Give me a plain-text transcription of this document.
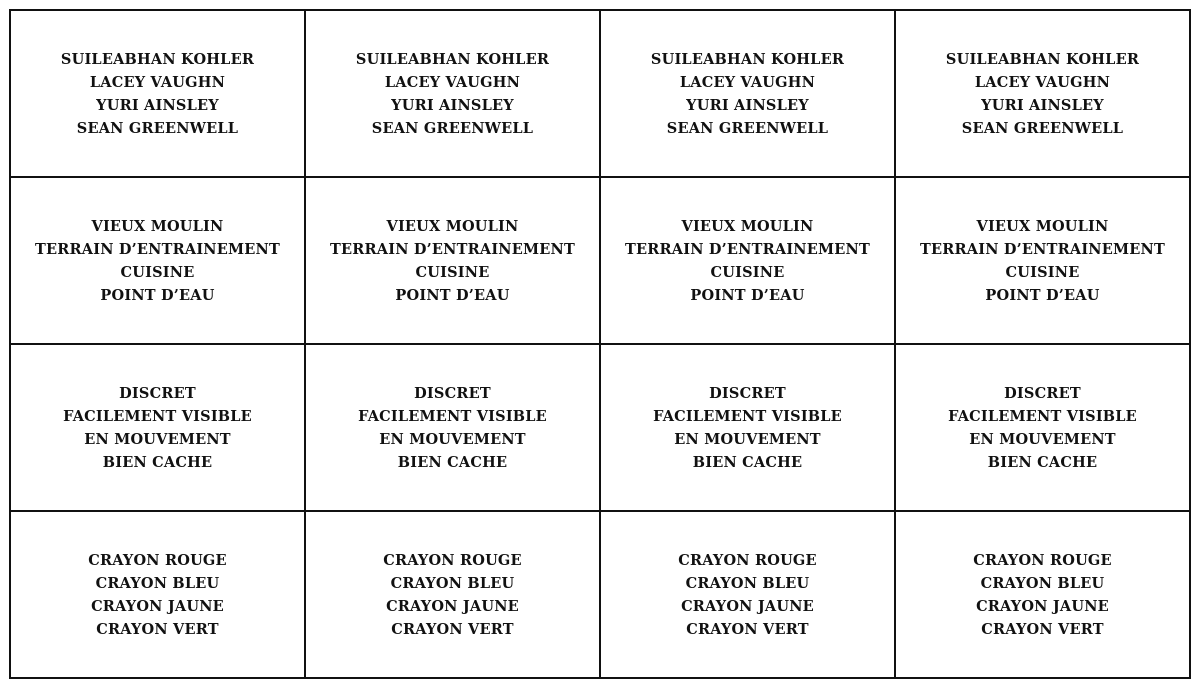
SUILEABHAN KOHLER
LACEY VAUGHN
YURI AINSLEY
SEAN GREENWELL
SUILEABHAN KOHLER
LACEY VAUGHN
YURI AINSLEY
SEAN GREENWELL
SUILEABHAN KOHLER
LACEY VAUGHN
YURI AINSLEY
SEAN GREENWELL
SUILEABHAN KOHLER
LACEY VAUGHN
YURI AINSLEY
SEAN GREENWELL
VIEUX MOULIN
TERRAIN D’ENTRAINEMENT
CUISINE
POINT D’EAU
VIEUX MOULIN
TERRAIN D’ENTRAINEMENT
CUISINE
POINT D’EAU
VIEUX MOULIN
TERRAIN D’ENTRAINEMENT
CUISINE
POINT D’EAU
VIEUX MOULIN
TERRAIN D’ENTRAINEMENT
CUISINE
POINT D’EAU
DISCRET
FACILEMENT VISIBLE
EN MOUVEMENT
BIEN CACHE
DISCRET
FACILEMENT VISIBLE
EN MOUVEMENT
BIEN CACHE
DISCRET
FACILEMENT VISIBLE
EN MOUVEMENT
BIEN CACHE
DISCRET
FACILEMENT VISIBLE
EN MOUVEMENT
BIEN CACHE
CRAYON ROUGE
CRAYON BLEU
CRAYON JAUNE
CRAYON VERT
CRAYON ROUGE
CRAYON BLEU
CRAYON JAUNE
CRAYON VERT
CRAYON ROUGE
CRAYON BLEU
CRAYON JAUNE
CRAYON VERT
CRAYON ROUGE
CRAYON BLEU
CRAYON JAUNE
CRAYON VERT
